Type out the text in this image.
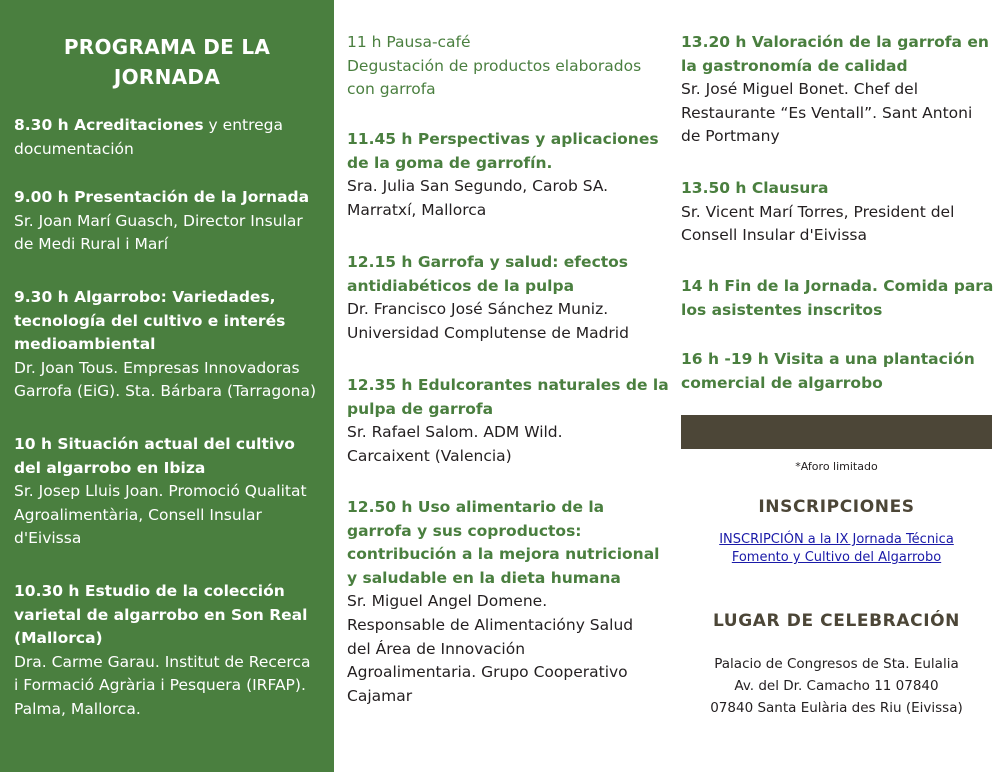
PROGRAMA DE LA
JORNADA
8.30 h Acreditaciones y entrega
documentación
9.00 h Presentación de la Jornada
Sr. Joan Marí Guasch, Director Insular
de Medi Rural i Marí
9.30 h Algarrobo: Variedades,
tecnología del cultivo e interés
medioambiental
Dr. Joan Tous. Empresas Innovadoras
Garrofa (EiG). Sta. Bárbara (Tarragona)
10 h Situación actual del cultivo
del algarrobo en Ibiza
Sr. Josep Lluis Joan. Promoció Qualitat
Agroalimentària, Consell Insular
d'Eivissa
10.30 h Estudio de la colección
varietal de algarrobo en Son Real
(Mallorca)
Dra. Carme Garau. Institut de Recerca
i Formació Agrària i Pesquera (IRFAP).
Palma, Mallorca.
11 h Pausa-café
Degustación de productos elaborados
con garrofa
11.45 h Perspectivas y aplicaciones
de la goma de garrofín.
Sra. Julia San Segundo, Carob SA.
Marratxí, Mallorca
12.15 h Garrofa y salud: efectos
antidiabéticos de la pulpa
Dr. Francisco José Sánchez Muniz.
Universidad Complutense de Madrid
12.35 h Edulcorantes naturales de la
pulpa de garrofa
Sr. Rafael Salom. ADM Wild.
Carcaixent (Valencia)
12.50 h Uso alimentario de la
garrofa y sus coproductos:
contribución a la mejora nutricional
y saludable en la dieta humana
Sr. Miguel Angel Domene.
Responsable de Alimentacióny Salud
del Área de Innovación
Agroalimentaria. Grupo Cooperativo
Cajamar
13.20 h Valoración de la garrofa en
la gastronomía de calidad
Sr. José Miguel Bonet. Chef del
Restaurante “Es Ventall”. Sant Antoni
de Portmany
13.50 h Clausura
Sr. Vicent Marí Torres, President del
Consell Insular d'Eivissa
14 h Fin de la Jornada. Comida para
los asistentes inscritos
16 h -19 h Visita a una plantación
comercial de algarrobo
*Aforo limitado
INSCRIPCIONES
INSCRIPCIÓN a la IX Jornada Técnica
Fomento y Cultivo del Algarrobo
LUGAR DE CELEBRACIÓN
Palacio de Congresos de Sta. Eulalia
Av. del Dr. Camacho 11 07840
07840 Santa Eulària des Riu (Eivissa)
